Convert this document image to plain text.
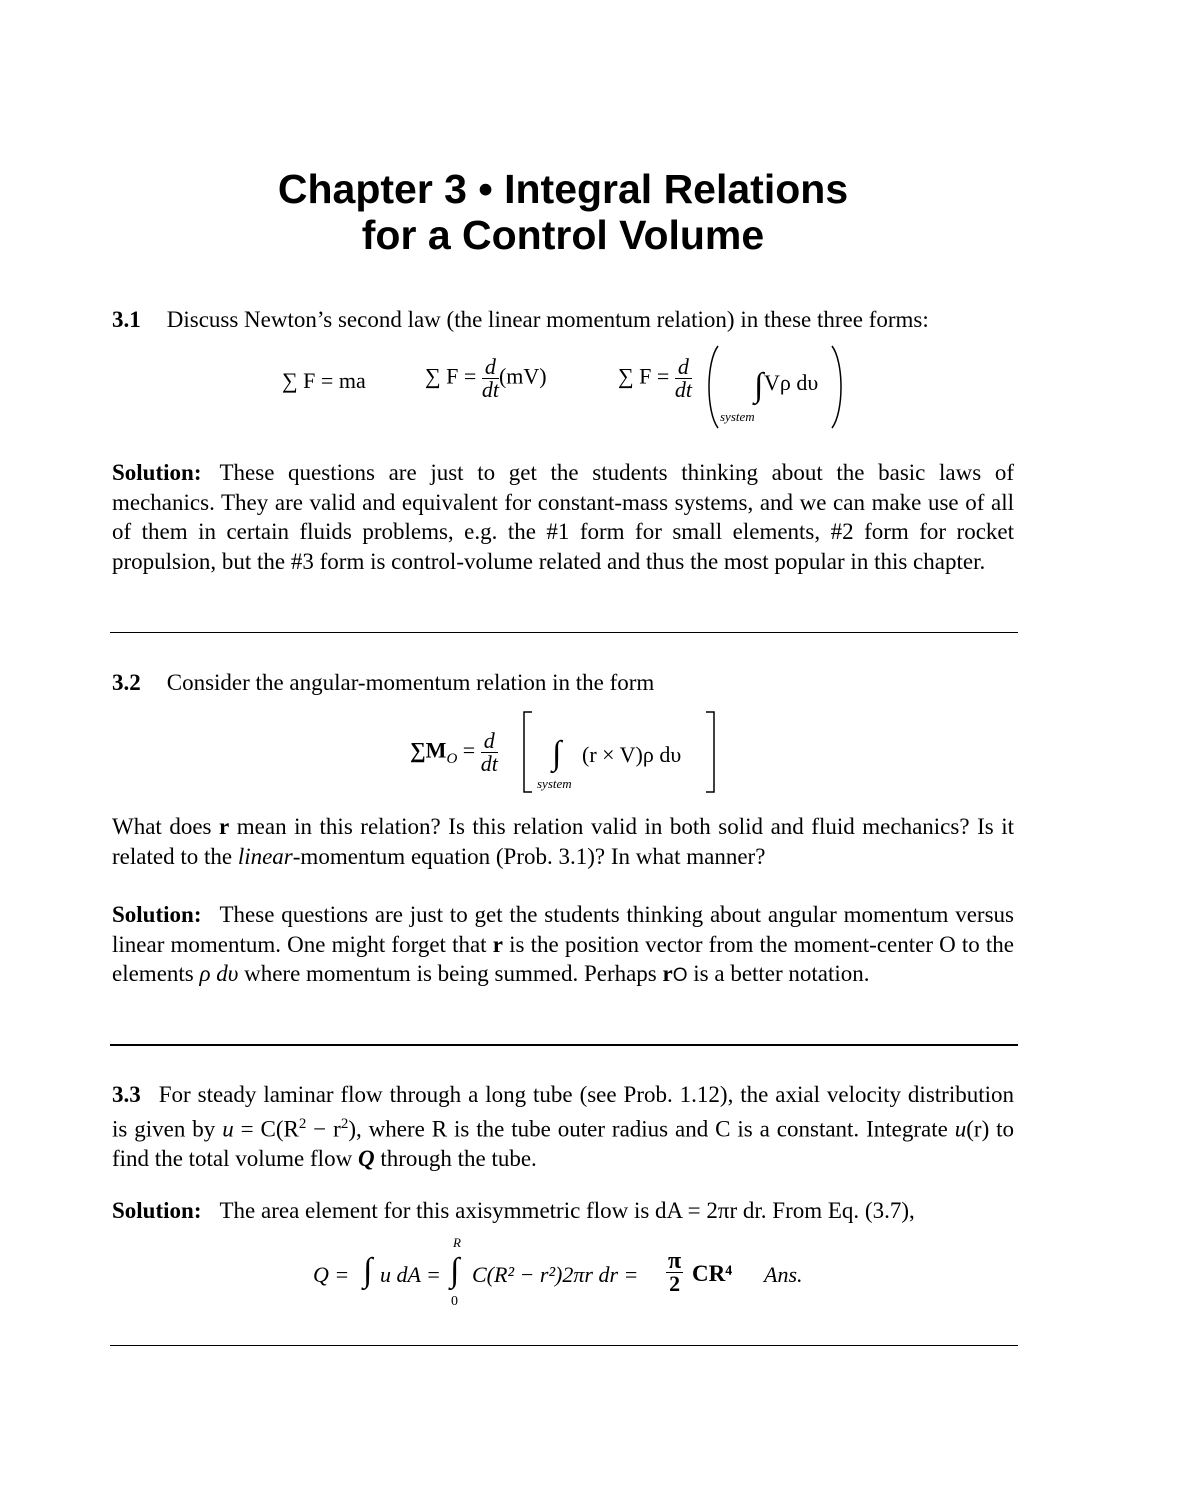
Chapter 3 • Integral Relations
for a Control Volume

3.1 Discuss Newton’s second law (the linear momentum relation) in these three forms:

∑ F = ma	∑ $F = \frac{d}{dt} (mV)$	∑ $F = \frac{d}{dt}$ ∫ Vρ dυ
system

Solution: These questions are just to get the students thinking about the basic laws of mechanics. They are valid and equivalent for constant-mass systems, and we can make use of all of them in certain fluids problems, e.g. the #1 form for small elements, #2 form for rocket propulsion, but the #3 form is control-volume related and thus the most popular in this chapter.

3.2 Consider the angular-momentum relation in the form

$\sum M_O = \frac{d}{dt}$ ∫ (r × V)ρ dυ
system

What does r mean in this relation? Is this relation valid in both solid and fluid mechanics? Is it related to the linear-momentum equation (Prob. 3.1)? In what manner?

Solution: These questions are just to get the students thinking about angular momentum versus linear momentum. One might forget that r is the position vector from the moment-center O to the elements ρ dυ where momentum is being summed. Perhaps rO is a better notation.

3.3 For steady laminar flow through a long tube (see Prob. 1.12), the axial velocity distribution is given by $u = C(R^2 - r^2)$, where R is the tube outer radius and C is a constant. Integrate u(r) to find the total volume flow Q through the tube.

Solution: The area element for this axisymmetric flow is dA = 2πr dr. From Eq. (3.7),

Q = ∫ u dA =
R
∫
0
C(R² − r²)2πr dr = $\frac{\pi}{2} CR^4$ Ans.
